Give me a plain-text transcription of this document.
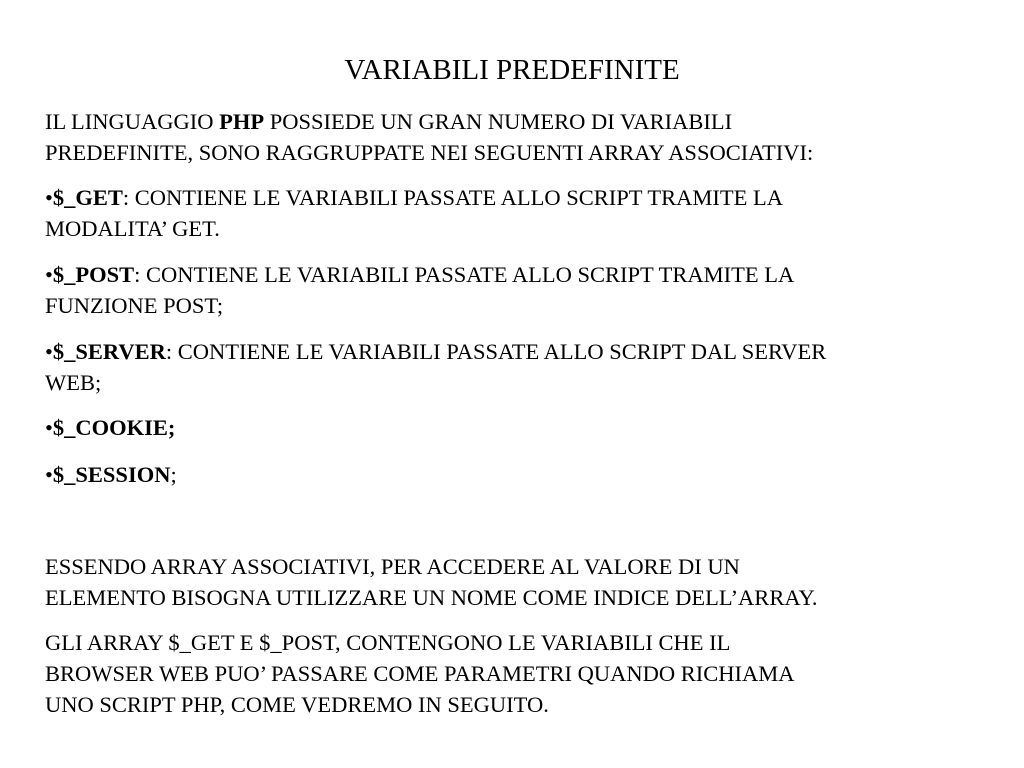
VARIABILI PREDEFINITE

IL LINGUAGGIO PHP POSSIEDE UN GRAN NUMERO DI VARIABILI
PREDEFINITE, SONO RAGGRUPPATE NEI SEGUENTI ARRAY ASSOCIATIVI:

•$_GET: CONTIENE LE VARIABILI PASSATE ALLO SCRIPT TRAMITE LA
MODALITA’ GET.

•$_POST: CONTIENE LE VARIABILI PASSATE ALLO SCRIPT TRAMITE LA
FUNZIONE POST;

•$_SERVER: CONTIENE LE VARIABILI PASSATE ALLO SCRIPT DAL SERVER
WEB;

•$_COOKIE;

•$_SESSION;

ESSENDO ARRAY ASSOCIATIVI, PER ACCEDERE AL VALORE DI UN
ELEMENTO BISOGNA UTILIZZARE UN NOME COME INDICE DELL’ARRAY.

GLI ARRAY $_GET E $_POST, CONTENGONO LE VARIABILI CHE IL
BROWSER WEB PUO’ PASSARE COME PARAMETRI QUANDO RICHIAMA
UNO SCRIPT PHP, COME VEDREMO IN SEGUITO.
